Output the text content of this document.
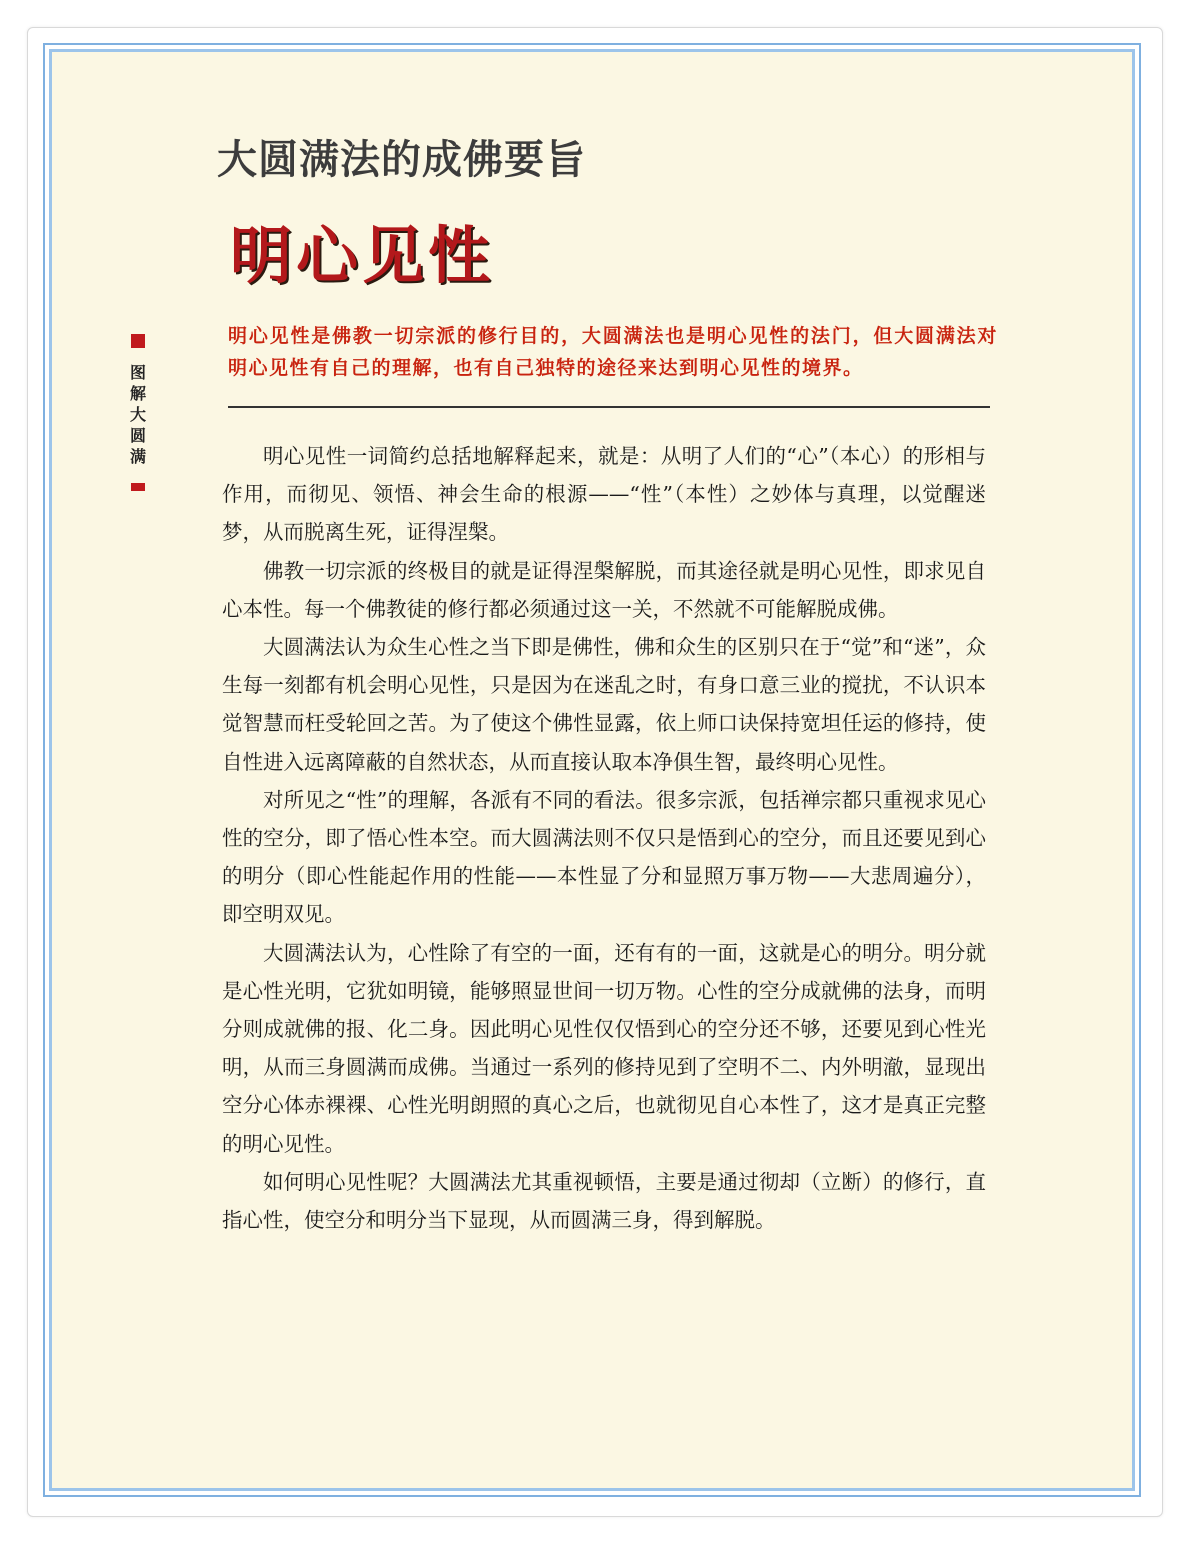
大圆满法的成佛要旨
明心见性
图解大圆满

明心见性是佛教一切宗派的修行目的，大圆满法也是明心见性的法门，但大圆满法对明心见性有自己的理解，也有自己独特的途径来达到明心见性的境界。

明心见性一词简约总括地解释起来，就是：从明了人们的“心”（本心）的形相与作用，而彻见、领悟、神会生命的根源——“性”（本性）之妙体与真理，以觉醒迷梦，从而脱离生死，证得涅槃。

佛教一切宗派的终极目的就是证得涅槃解脱，而其途径就是明心见性，即求见自心本性。每一个佛教徒的修行都必须通过这一关，不然就不可能解脱成佛。

大圆满法认为众生心性之当下即是佛性，佛和众生的区别只在于“觉”和“迷”，众生每一刻都有机会明心见性，只是因为在迷乱之时，有身口意三业的搅扰，不认识本觉智慧而枉受轮回之苦。为了使这个佛性显露，依上师口诀保持宽坦任运的修持，使自性进入远离障蔽的自然状态，从而直接认取本净俱生智，最终明心见性。

对所见之“性”的理解，各派有不同的看法。很多宗派，包括禅宗都只重视求见心性的空分，即了悟心性本空。而大圆满法则不仅只是悟到心的空分，而且还要见到心的明分（即心性能起作用的性能——本性显了分和显照万事万物——大悲周遍分），即空明双见。

大圆满法认为，心性除了有空的一面，还有有的一面，这就是心的明分。明分就是心性光明，它犹如明镜，能够照显世间一切万物。心性的空分成就佛的法身，而明分则成就佛的报、化二身。因此明心见性仅仅悟到心的空分还不够，还要见到心性光明，从而三身圆满而成佛。当通过一系列的修持见到了空明不二、内外明澈，显现出空分心体赤裸裸、心性光明朗照的真心之后，也就彻见自心本性了，这才是真正完整的明心见性。

如何明心见性呢？大圆满法尤其重视顿悟，主要是通过彻却（立断）的修行，直指心性，使空分和明分当下显现，从而圆满三身，得到解脱。
